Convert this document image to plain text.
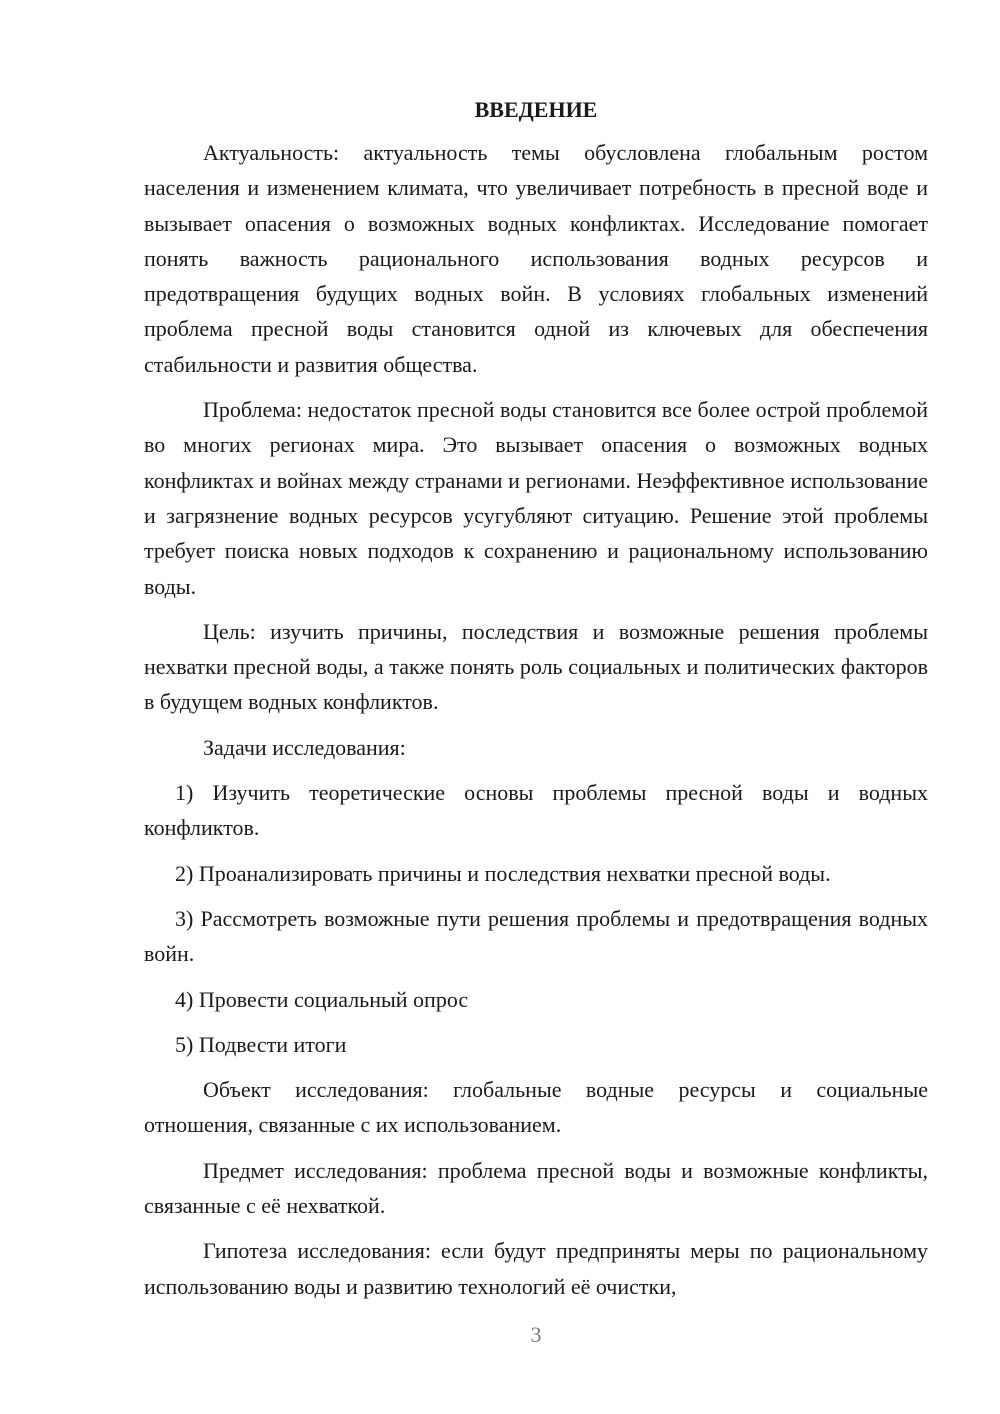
ВВЕДЕНИЕ

Актуальность: актуальность темы обусловлена глобальным ростом населения и изменением климата, что увеличивает потребность в пресной воде и вызывает опасения о возможных водных конфликтах. Исследование помогает понять важность рационального использования водных ресурсов и предотвращения будущих водных войн. В условиях глобальных изменений проблема пресной воды становится одной из ключевых для обеспечения стабильности и развития общества.

Проблема: недостаток пресной воды становится все более острой проблемой во многих регионах мира. Это вызывает опасения о возможных водных конфликтах и войнах между странами и регионами. Неэффективное использование и загрязнение водных ресурсов усугубляют ситуацию. Решение этой проблемы требует поиска новых подходов к сохранению и рациональному использованию воды.

Цель: изучить причины, последствия и возможные решения проблемы нехватки пресной воды, а также понять роль социальных и политических факторов в будущем водных конфликтов.

Задачи исследования:

1) Изучить теоретические основы проблемы пресной воды и водных конфликтов.

2) Проанализировать причины и последствия нехватки пресной воды.

3) Рассмотреть возможные пути решения проблемы и предотвращения водных войн.

4) Провести социальный опрос

5) Подвести итоги

Объект исследования: глобальные водные ресурсы и социальные отношения, связанные с их использованием.

Предмет исследования: проблема пресной воды и возможные конфликты, связанные с её нехваткой.

Гипотеза исследования: если будут предприняты меры по рациональному использованию воды и развитию технологий её очистки,

3
